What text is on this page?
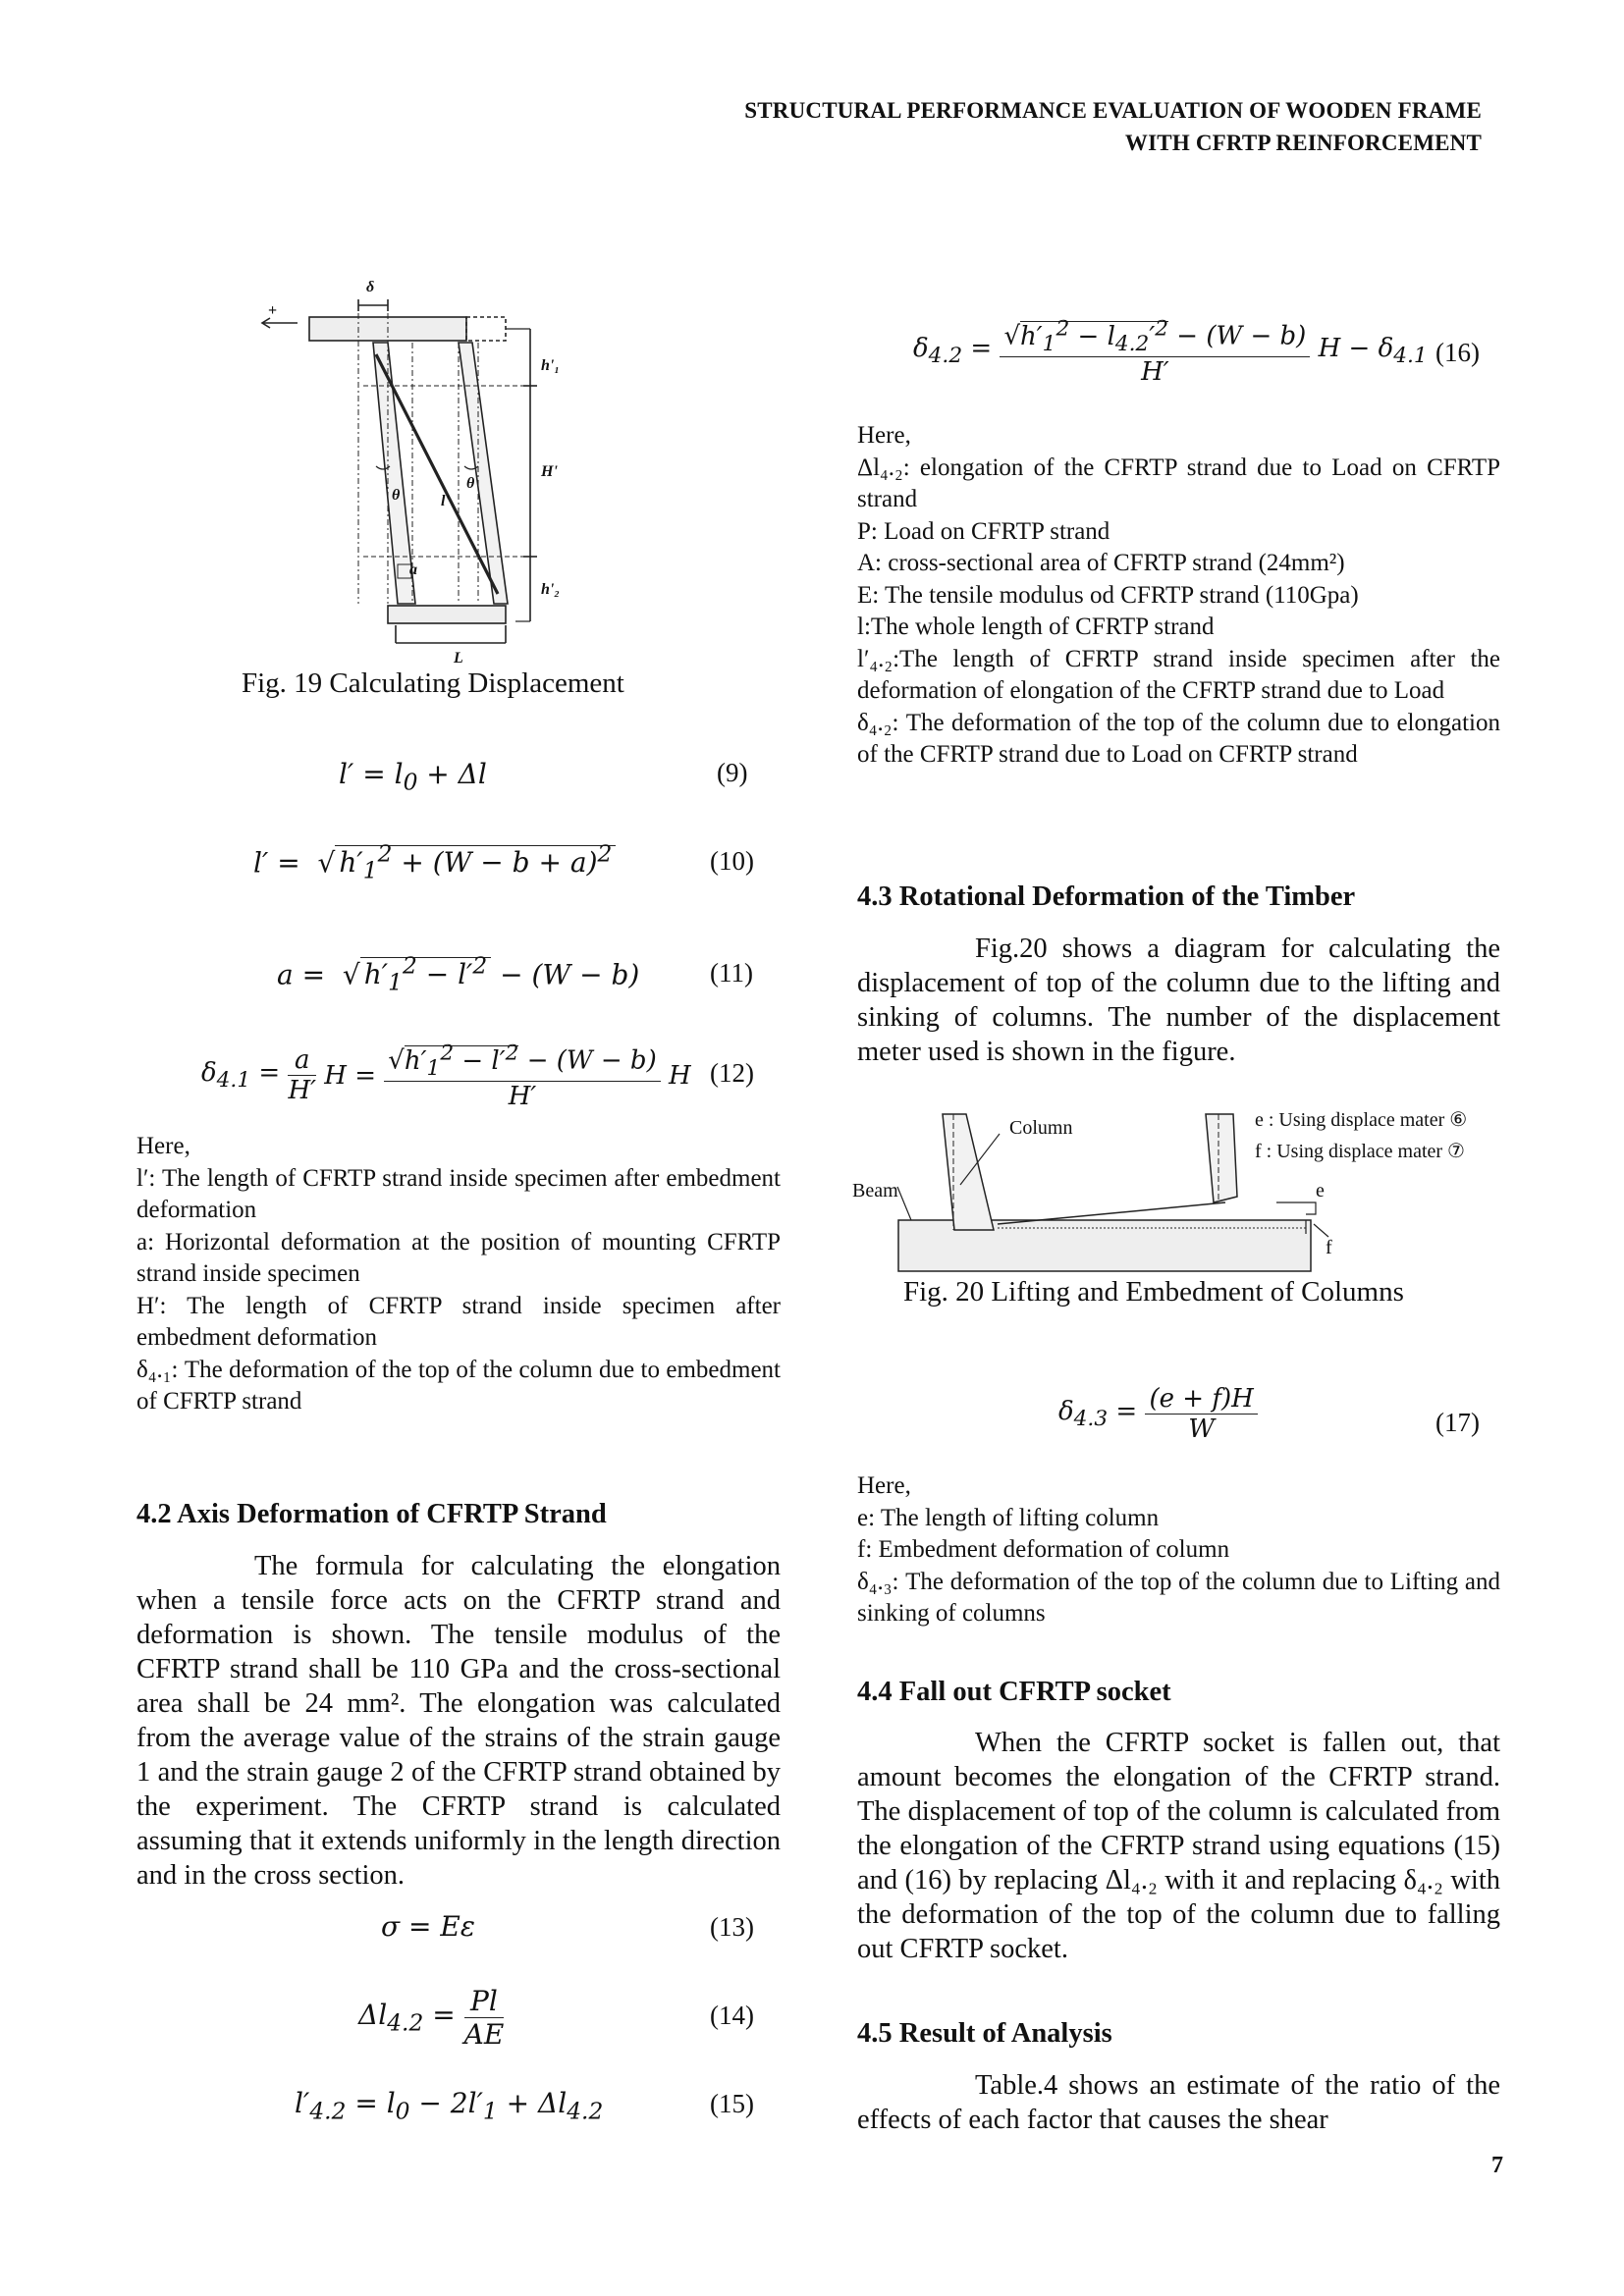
STRUCTURAL PERFORMANCE EVALUATION OF WOODEN FRAME
WITH CFRTP REINFORCEMENT
δ
+
h'₁
H'
h'₂
θ
θ
l'
a
L
Fig. 19 Calculating Displacement
$l' = l_0 + \Delta l$	(9)
l′ =  √ $h'_1^2 + (W - b + a)^2$	(10)
a =  √ $h'_1^2 - l'^2 - (W - b)$	(11)
$\delta_{4.1} = \frac{a}{H'}$ $H = \frac{√h'_1^2 - l'^2 - (W - b)}{H'}$ H (12)
Here,
l′: The length of CFRTP strand inside specimen after embedment deformation
a: Horizontal deformation at the position of mounting CFRTP strand inside specimen
H′: The length of CFRTP strand inside specimen after embedment deformation
δ₄.₁: The deformation of the top of the column due to embedment of CFRTP strand
4.2 Axis Deformation of CFRTP Strand
The formula for calculating the elongation when a tensile force acts on the CFRTP strand and deformation is shown. The tensile modulus of the CFRTP strand shall be 110 GPa and the cross-sectional area shall be 24 mm². The elongation was calculated from the average value of the strains of the strain gauge 1 and the strain gauge 2 of the CFRTP strand obtained by the experiment. The CFRTP strand is calculated assuming that it extends uniformly in the length direction and in the cross section.
σ = Eε	(13)
$\Delta l_{4.2} = \frac{Pl}{AE}$	(14)
$l'_{4.2} = l_0 - 2l'_1 + \Delta l_{4.2}$	(15)
$\delta_{4.2} = \frac{√h'_1^2 - l_{4.2}'^2 - (W - b)}{H'}$ $H - \delta_{4.1}$ (16)
Here,
Δl₄.₂: elongation of the CFRTP strand due to Load on CFRTP strand
P: Load on CFRTP strand
A: cross-sectional area of CFRTP strand (24mm²)
E: The tensile modulus od CFRTP strand (110Gpa)
l:The whole length of CFRTP strand
l′₄.₂:The length of CFRTP strand inside specimen after the deformation of elongation of the CFRTP strand due to Load
δ₄.₂: The deformation of the top of the column due to elongation of the CFRTP strand due to Load on CFRTP strand
4.3 Rotational Deformation of the Timber
Fig.20 shows a diagram for calculating the displacement of top of the column due to the lifting and sinking of columns. The number of the displacement meter used is shown in the figure.
Column
Beam
e : Using displace mater ⑥
f : Using displace mater ⑦
e
f
Fig. 20 Lifting and Embedment of Columns
$\delta_{4.3} = \frac{(e + f)H}{W}$	(17)
Here,
e: The length of lifting column
f: Embedment deformation of column
δ₄.₃: The deformation of the top of the column due to Lifting and sinking of columns
4.4 Fall out CFRTP socket
When the CFRTP socket is fallen out, that amount becomes the elongation of the CFRTP strand. The displacement of top of the column is calculated from the elongation of the CFRTP strand using equations (15) and (16) by replacing Δl₄.₂ with it and replacing δ₄.₂ with the deformation of the top of the column due to falling out CFRTP socket.
4.5 Result of Analysis
Table.4 shows an estimate of the ratio of the effects of each factor that causes the shear
7
